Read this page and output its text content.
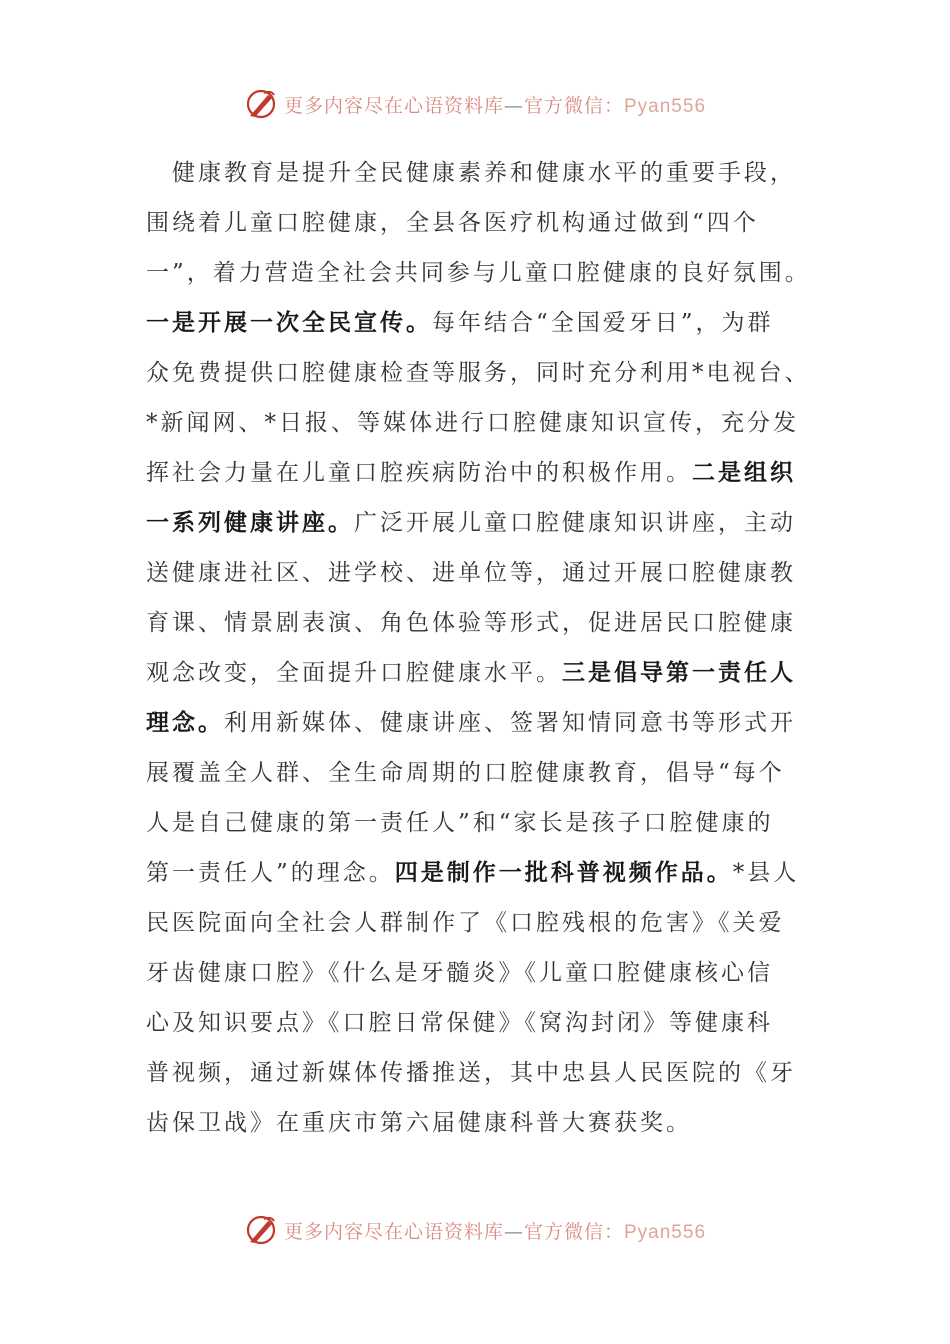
更多内容尽在心语资料库—官方微信：Pyan556
　健康教育是提升全民健康素养和健康水平的重要手段，
围绕着儿童口腔健康，全县各医疗机构通过做到“四个
一”，着力营造全社会共同参与儿童口腔健康的良好氛围。
一是开展一次全民宣传。每年结合“全国爱牙日”，为群
众免费提供口腔健康检查等服务，同时充分利用*电视台、
*新闻网、*日报、等媒体进行口腔健康知识宣传，充分发
挥社会力量在儿童口腔疾病防治中的积极作用。二是组织
一系列健康讲座。广泛开展儿童口腔健康知识讲座，主动
送健康进社区、进学校、进单位等，通过开展口腔健康教
育课、情景剧表演、角色体验等形式，促进居民口腔健康
观念改变，全面提升口腔健康水平。三是倡导第一责任人
理念。利用新媒体、健康讲座、签署知情同意书等形式开
展覆盖全人群、全生命周期的口腔健康教育，倡导“每个
人是自己健康的第一责任人”和“家长是孩子口腔健康的
第一责任人”的理念。四是制作一批科普视频作品。*县人
民医院面向全社会人群制作了《口腔残根的危害》《关爱
牙齿健康口腔》《什么是牙髓炎》《儿童口腔健康核心信
心及知识要点》《口腔日常保健》《窝沟封闭》等健康科
普视频，通过新媒体传播推送，其中忠县人民医院的《牙
齿保卫战》在重庆市第六届健康科普大赛获奖。
更多内容尽在心语资料库—官方微信：Pyan556
